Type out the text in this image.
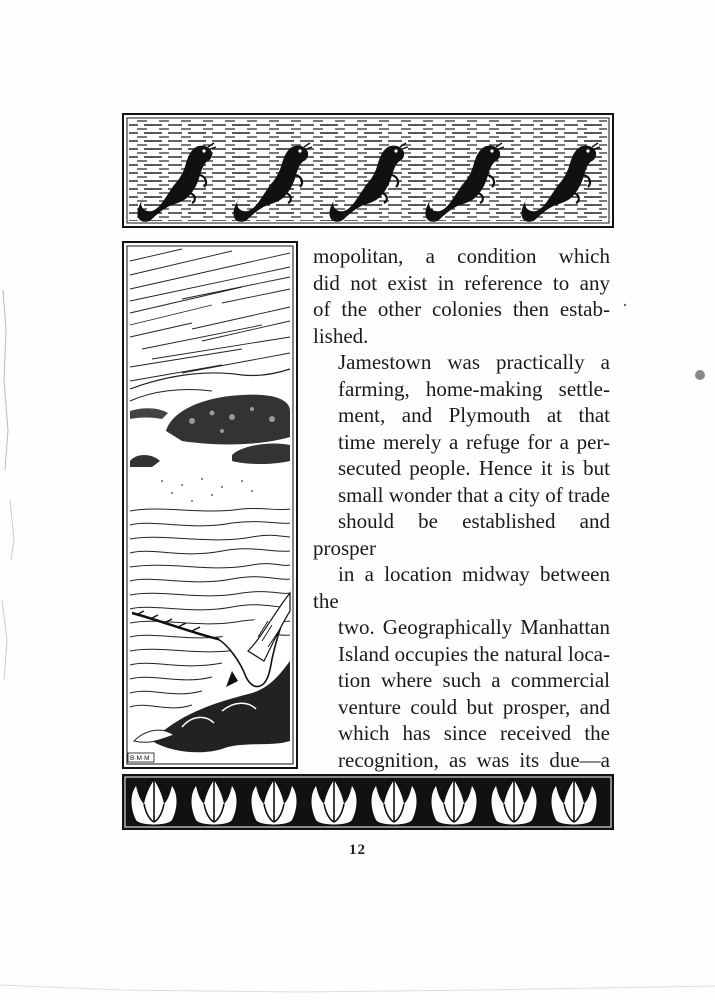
B·M·M

mopolitan, a condition which
did not exist in reference to any
of the other colonies then estab-
lished.

Jamestown was practically a
farming, home-making settle-
ment, and Plymouth at that
time merely a refuge for a per-
secuted people. Hence it is but
small wonder that a city of trade
should be established and prosper
in a location midway between the
two. Geographically Manhattan
Island occupies the natural loca-
tion where such a commercial
venture could but prosper, and
which has since received the
recognition, as was its due—a

12
